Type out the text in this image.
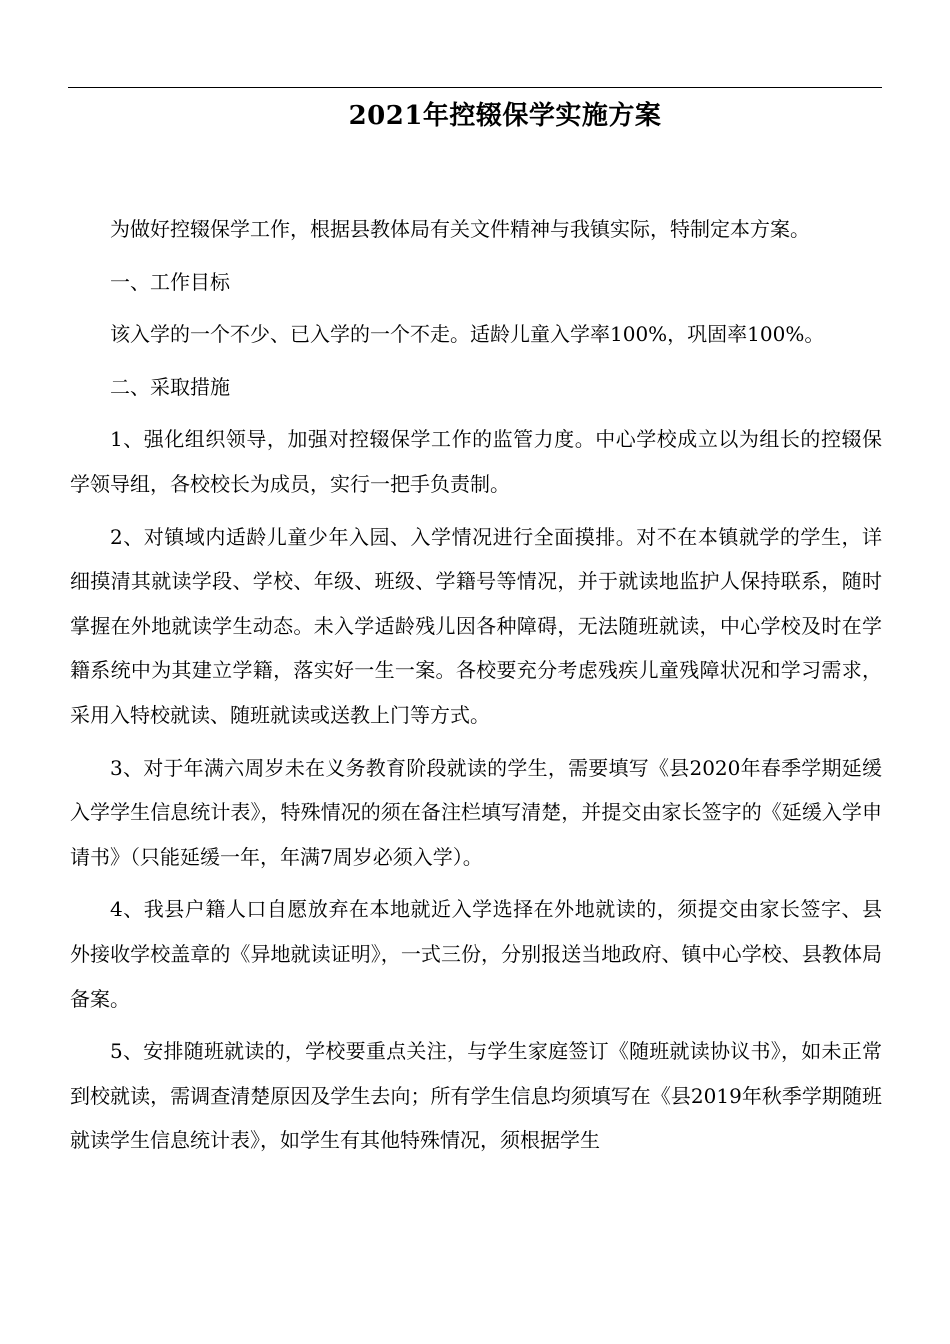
2021年控辍保学实施方案

为做好控辍保学工作，根据县教体局有关文件精神与我镇实际，特制定本方案。

一、工作目标

该入学的一个不少、已入学的一个不走。适龄儿童入学率100%，巩固率100%。

二、采取措施

1、强化组织领导，加强对控辍保学工作的监管力度。中心学校成立以为组长的控辍保学领导组，各校校长为成员，实行一把手负责制。

2、对镇域内适龄儿童少年入园、入学情况进行全面摸排。对不在本镇就学的学生，详细摸清其就读学段、学校、年级、班级、学籍号等情况，并于就读地监护人保持联系，随时掌握在外地就读学生动态。未入学适龄残儿因各种障碍，无法随班就读，中心学校及时在学籍系统中为其建立学籍，落实好一生一案。各校要充分考虑残疾儿童残障状况和学习需求，采用入特校就读、随班就读或送教上门等方式。

3、对于年满六周岁未在义务教育阶段就读的学生，需要填写《县2020年春季学期延缓入学学生信息统计表》，特殊情况的须在备注栏填写清楚，并提交由家长签字的《延缓入学申请书》（只能延缓一年，年满7周岁必须入学）。

4、我县户籍人口自愿放弃在本地就近入学选择在外地就读的，须提交由家长签字、县外接收学校盖章的《异地就读证明》，一式三份，分别报送当地政府、镇中心学校、县教体局备案。

5、安排随班就读的，学校要重点关注，与学生家庭签订《随班就读协议书》，如未正常到校就读，需调查清楚原因及学生去向；所有学生信息均须填写在《县2019年秋季学期随班就读学生信息统计表》，如学生有其他特殊情况，须根据学生
